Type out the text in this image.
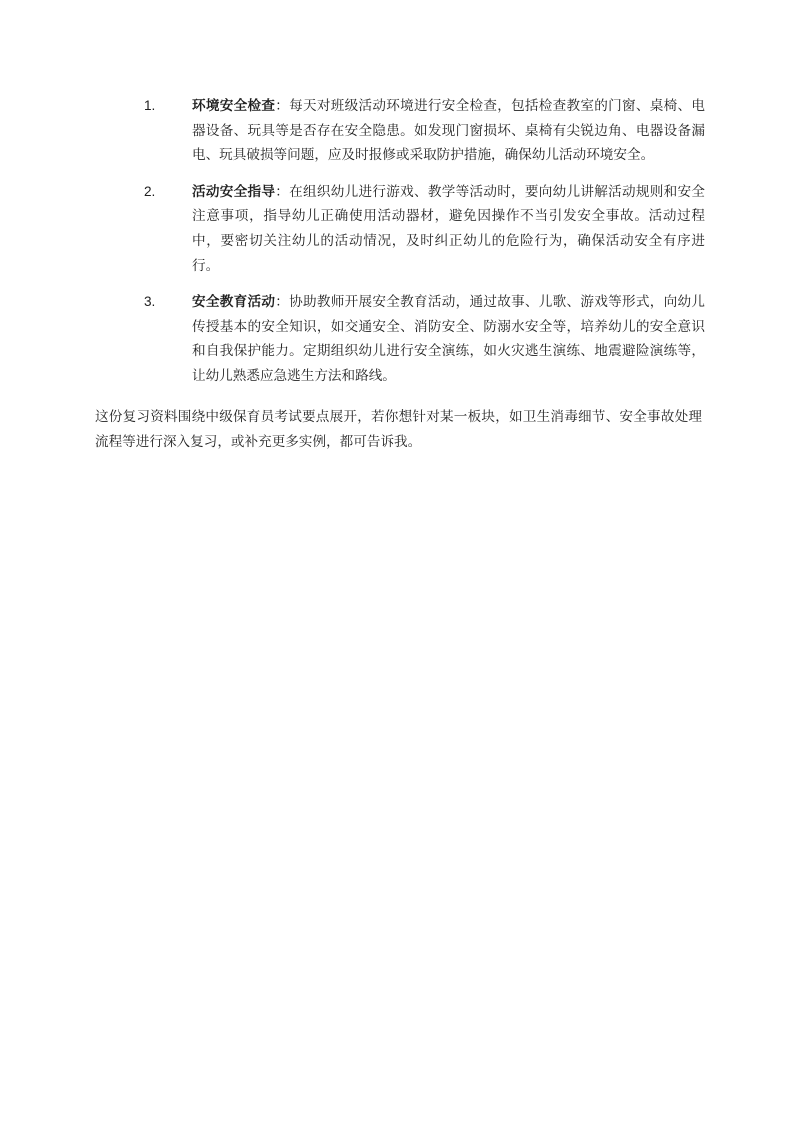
1.	环境安全检查：每天对班级活动环境进行安全检查，包括检查教室的门窗、桌椅、电器设备、玩具等是否存在安全隐患。如发现门窗损坏、桌椅有尖锐边角、电器设备漏电、玩具破损等问题，应及时报修或采取防护措施，确保幼儿活动环境安全。
2.	活动安全指导：在组织幼儿进行游戏、教学等活动时，要向幼儿讲解活动规则和安全注意事项，指导幼儿正确使用活动器材，避免因操作不当引发安全事故。活动过程中，要密切关注幼儿的活动情况，及时纠正幼儿的危险行为，确保活动安全有序进行。
3.	安全教育活动：协助教师开展安全教育活动，通过故事、儿歌、游戏等形式，向幼儿传授基本的安全知识，如交通安全、消防安全、防溺水安全等，培养幼儿的安全意识和自我保护能力。定期组织幼儿进行安全演练，如火灾逃生演练、地震避险演练等，让幼儿熟悉应急逃生方法和路线。

这份复习资料围绕中级保育员考试要点展开，若你想针对某一板块，如卫生消毒细节、安全事故处理流程等进行深入复习，或补充更多实例，都可告诉我。
